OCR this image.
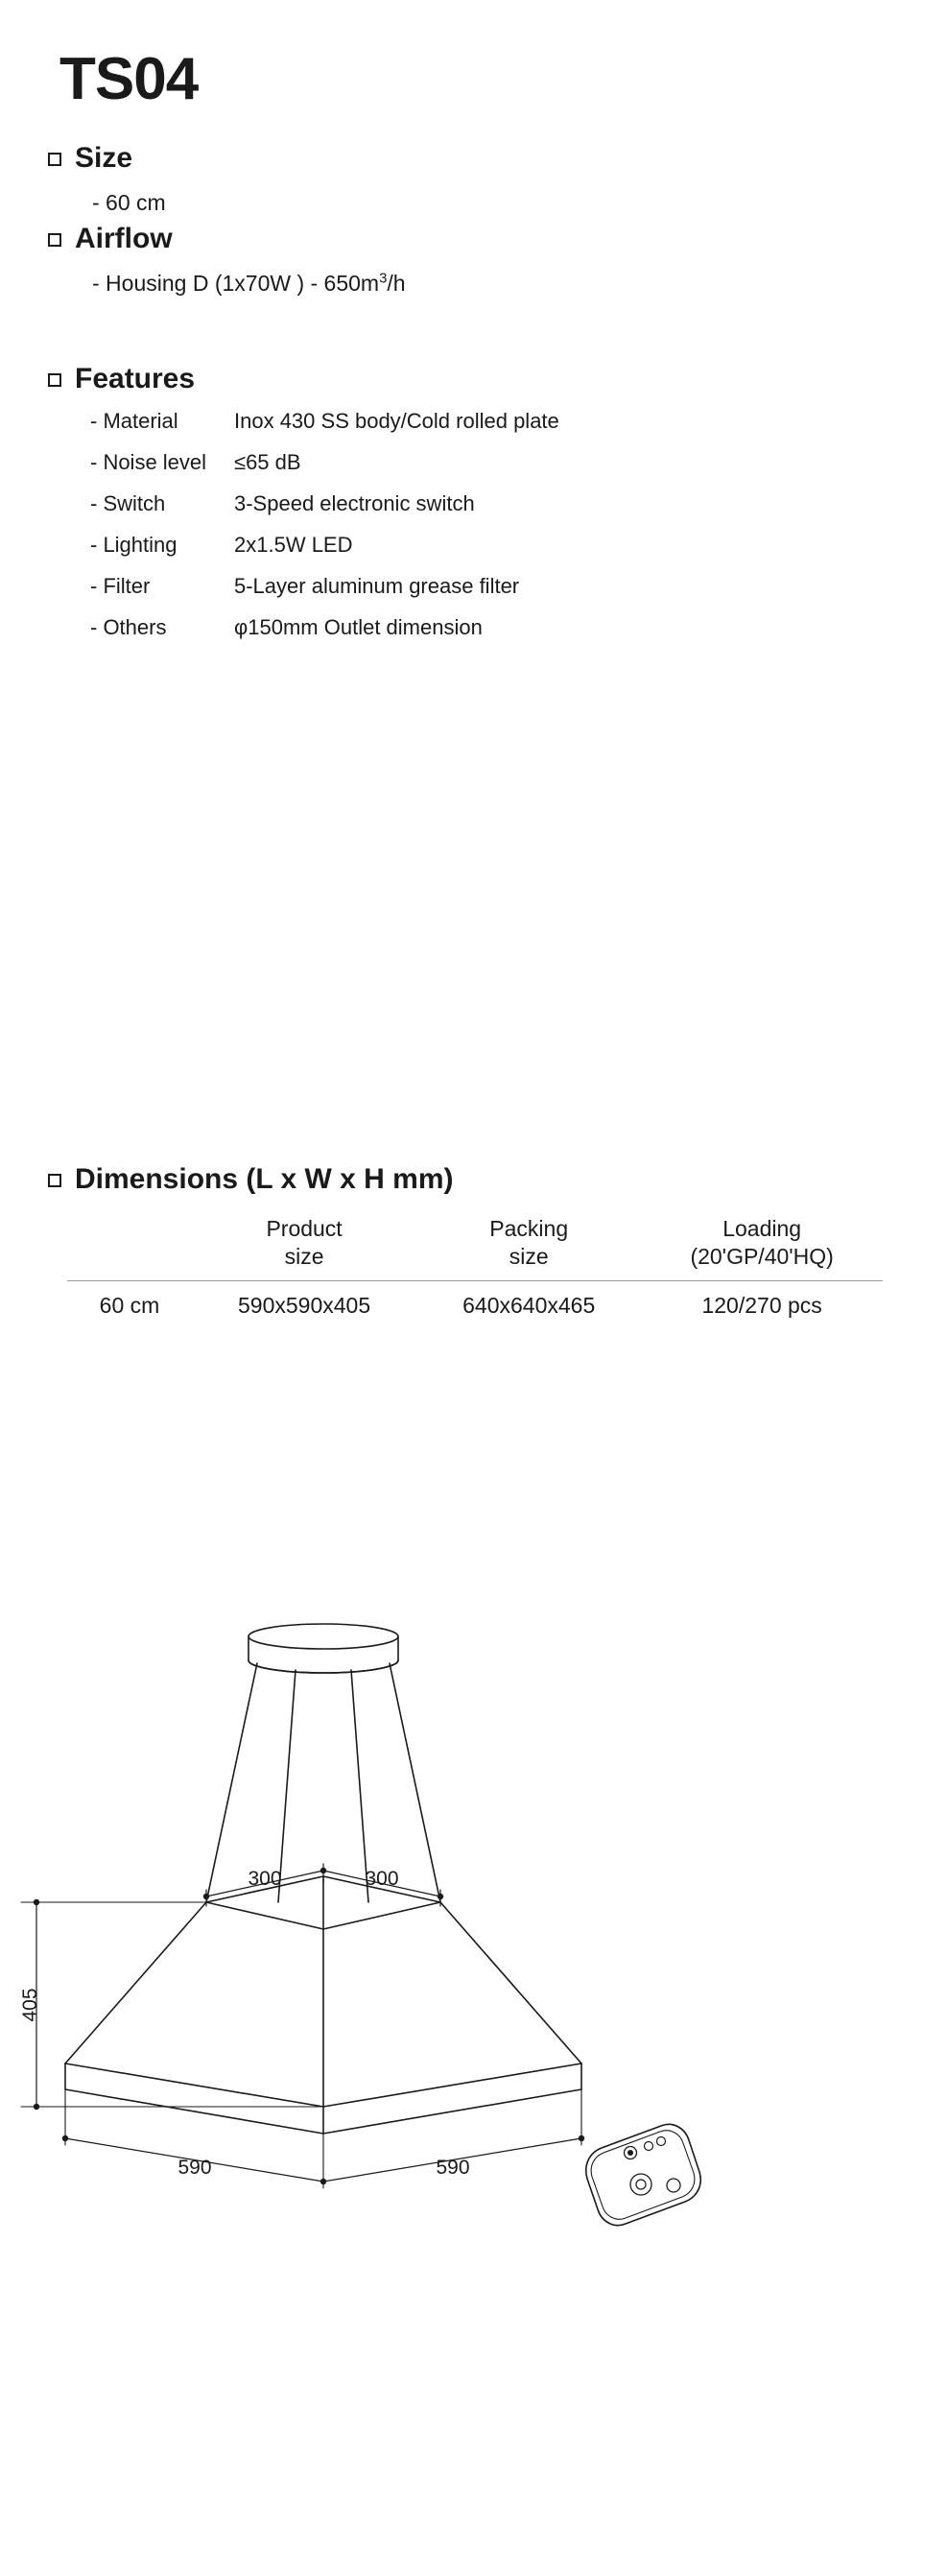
TS04
Size
- 60 cm
Airflow
- Housing D (1x70W ) - $650m^3/h$
Features
- Material	Inox 430 SS body/Cold rolled plate
- Noise level	≤65 dB
- Switch	3-Speed electronic switch
- Lighting	2x1.5W LED
- Filter	5-Layer aluminum grease filter
- Others	φ150mm Outlet dimension
Dimensions (L x W x H mm)

Product
size

Packing
size

Loading
(20'GP/40'HQ)

60 cm	590x590x405	640x640x465	120/270 pcs
300	300
405
590	590
